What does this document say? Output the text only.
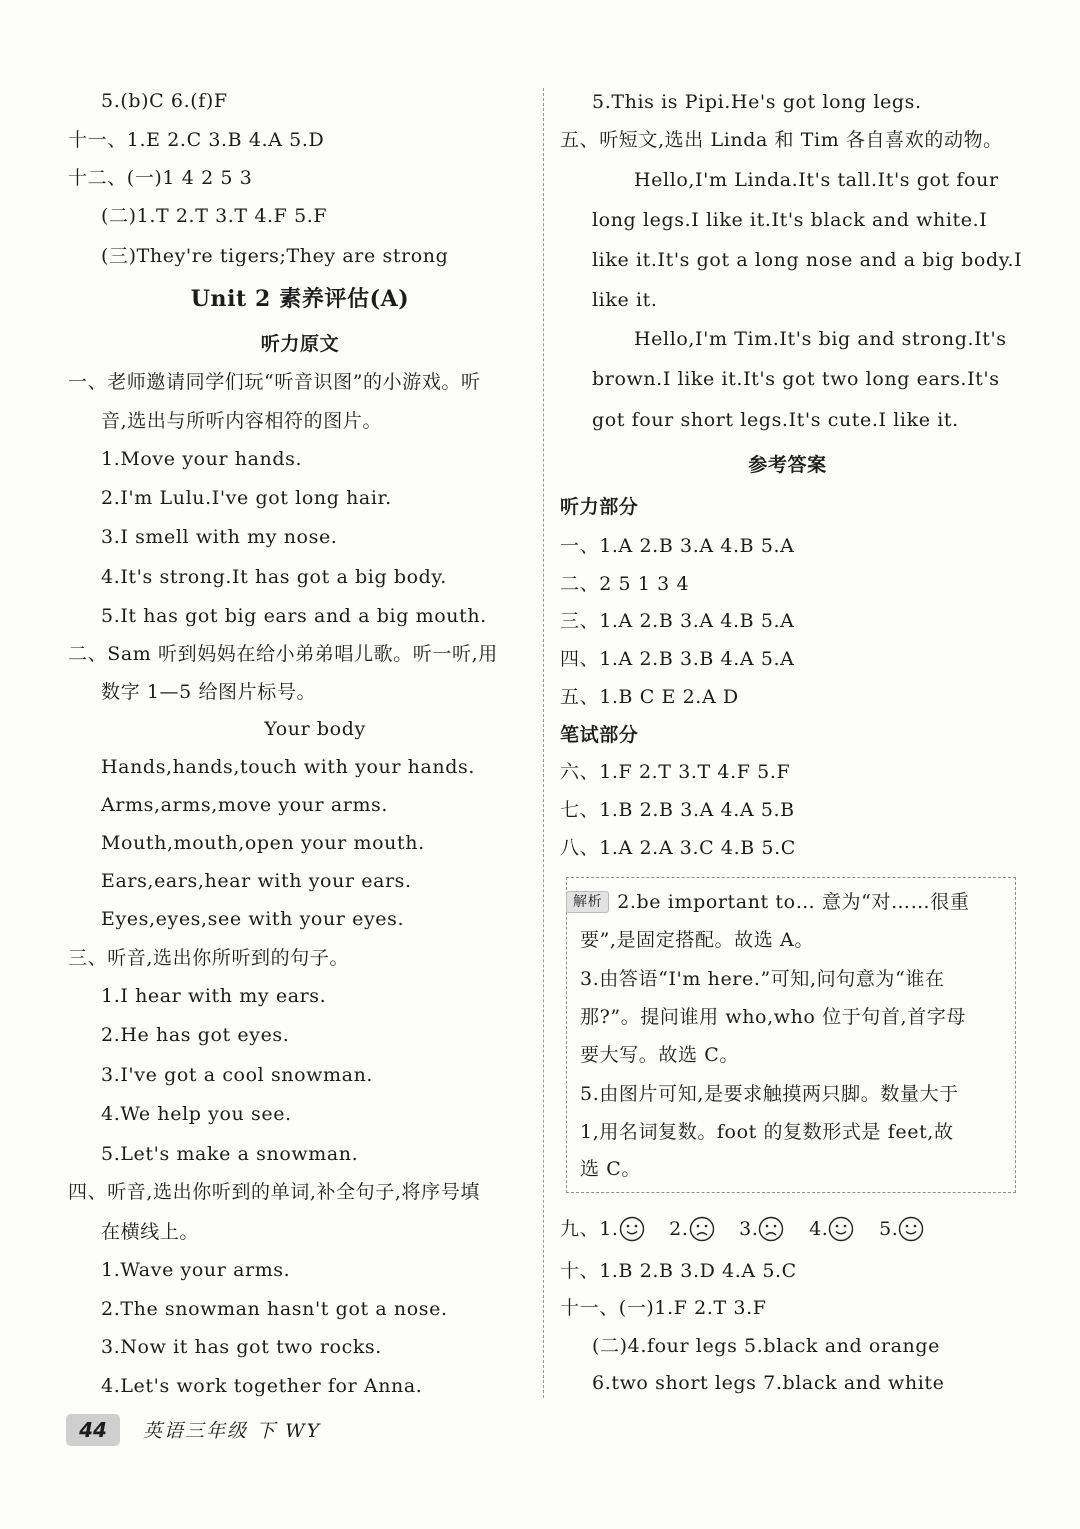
5.(b)C 6.(f)F
十一、1.E 2.C 3.B 4.A 5.D
十二、(一)1 4 2 5 3
(二)1.T 2.T 3.T 4.F 5.F
(三)They're tigers;They are strong
Unit 2 素养评估(A)
听力原文
一、老师邀请同学们玩“听音识图”的小游戏。听
音,选出与所听内容相符的图片。
1.Move your hands.
2.I'm Lulu.I've got long hair.
3.I smell with my nose.
4.It's strong.It has got a big body.
5.It has got big ears and a big mouth.
二、Sam 听到妈妈在给小弟弟唱儿歌。听一听,用
数字 1—5 给图片标号。
Your body
Hands,hands,touch with your hands.
Arms,arms,move your arms.
Mouth,mouth,open your mouth.
Ears,ears,hear with your ears.
Eyes,eyes,see with your eyes.
三、听音,选出你所听到的句子。
1.I hear with my ears.
2.He has got eyes.
3.I've got a cool snowman.
4.We help you see.
5.Let's make a snowman.
四、听音,选出你听到的单词,补全句子,将序号填
在横线上。
1.Wave your arms.
2.The snowman hasn't got a nose.
3.Now it has got two rocks.
4.Let's work together for Anna.
5.This is Pipi.He's got long legs.
五、听短文,选出 Linda 和 Tim 各自喜欢的动物。
Hello,I'm Linda.It's tall.It's got four
long legs.I like it.It's black and white.I
like it.It's got a long nose and a big body.I
like it.
Hello,I'm Tim.It's big and strong.It's
brown.I like it.It's got two long ears.It's
got four short legs.It's cute.I like it.
参考答案
听力部分
一、1.A 2.B 3.A 4.B 5.A
二、2 5 1 3 4
三、1.A 2.B 3.A 4.B 5.A
四、1.A 2.B 3.B 4.A 5.A
五、1.B C E 2.A D
笔试部分
六、1.F 2.T 3.T 4.F 5.F
七、1.B 2.B 3.A 4.A 5.B
八、1.A 2.A 3.C 4.B 5.C
解析 2.be important to… 意为“对……很重
要”,是固定搭配。故选 A。
3.由答语“I'm here.”可知,问句意为“谁在
那?”。提问谁用 who,who 位于句首,首字母
要大写。故选 C。
5.由图片可知,是要求触摸两只脚。数量大于
1,用名词复数。foot 的复数形式是 feet,故
选 C。
九、1.	2.	3.	4.	5.
十、1.B 2.B 3.D 4.A 5.C
十一、(一)1.F 2.T 3.F
(二)4.four legs 5.black and orange
6.two short legs 7.black and white
44	英语三年级 下 WY
